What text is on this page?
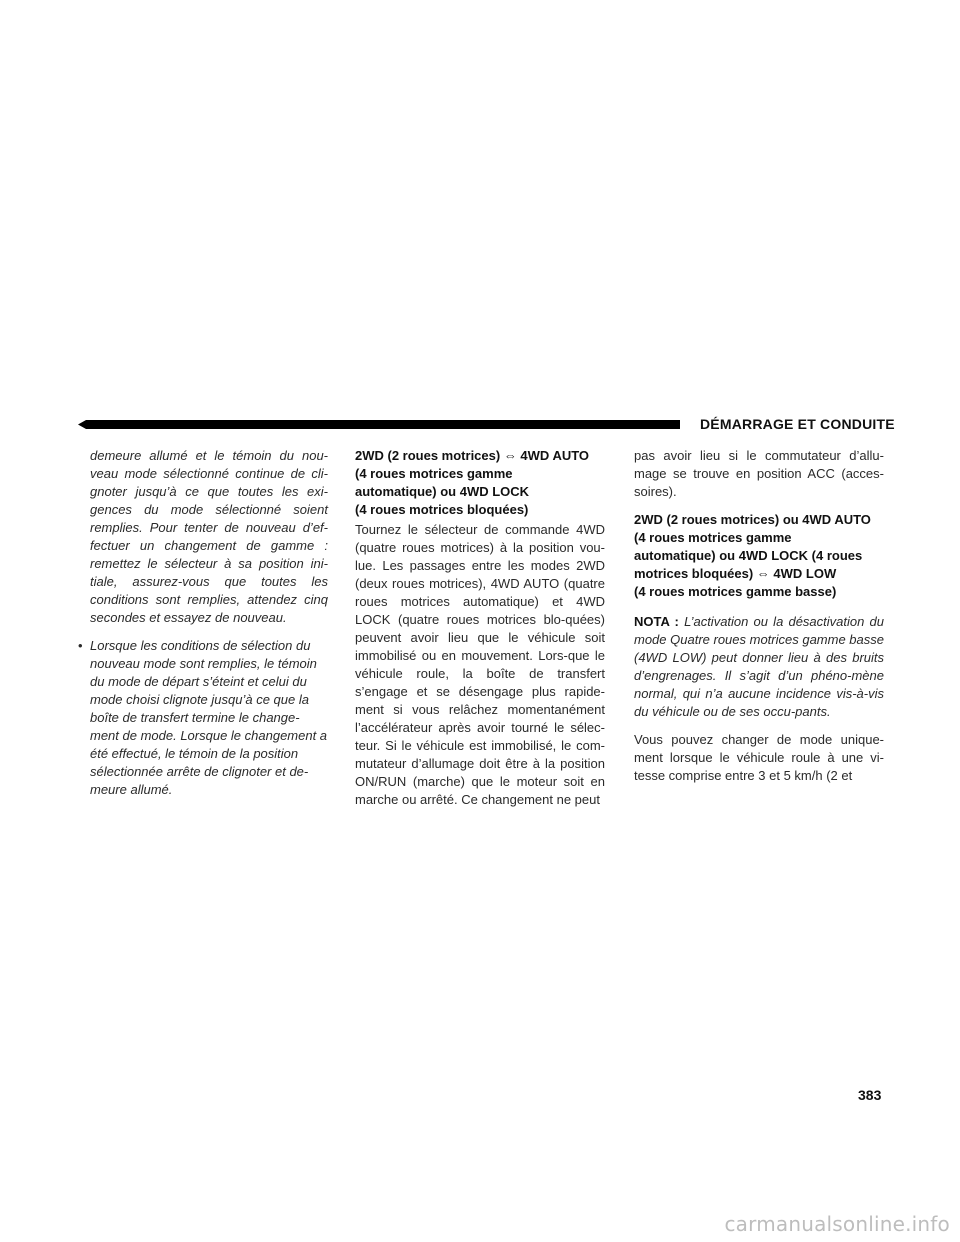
DÉMARRAGE ET CONDUITE

demeure allumé et le témoin du nou-veau mode sélectionné continue de cli-gnoter jusqu’à ce que toutes les exi-gences du mode sélectionné soient remplies. Pour tenter de nouveau d’ef-fectuer un changement de gamme : remettez le sélecteur à sa position ini-tiale, assurez-vous que toutes les conditions sont remplies, attendez cinq secondes et essayez de nouveau.

• Lorsque les conditions de sélection du nouveau mode sont remplies, le témoin du mode de départ s’éteint et celui du mode choisi clignote jusqu’à ce que la boîte de transfert termine le change-ment de mode. Lorsque le changement a été effectué, le témoin de la position sélectionnée arrête de clignoter et de-meure allumé.
2WD (2 roues motrices) ⇔ 4WD AUTO
(4 roues motrices gamme
automatique) ou 4WD LOCK
(4 roues motrices bloquées)

Tournez le sélecteur de commande 4WD (quatre roues motrices) à la position vou-lue. Les passages entre les modes 2WD (deux roues motrices), 4WD AUTO (quatre roues motrices automatique) et 4WD LOCK (quatre roues motrices blo-quées) peuvent avoir lieu que le véhicule soit immobilisé ou en mouvement. Lors-que le véhicule roule, la boîte de transfert s’engage et se désengage plus rapide-ment si vous relâchez momentanément l’accélérateur après avoir tourné le sélec-teur. Si le véhicule est immobilisé, le com-mutateur d’allumage doit être à la position ON/RUN (marche) que le moteur soit en marche ou arrêté. Ce changement ne peut

pas avoir lieu si le commutateur d’allu-mage se trouve en position ACC (acces-soires).

2WD (2 roues motrices) ou 4WD AUTO
(4 roues motrices gamme
automatique) ou 4WD LOCK (4 roues
motrices bloquées) ⇔ 4WD LOW
(4 roues motrices gamme basse)

NOTA : L’activation ou la désactivation du mode Quatre roues motrices gamme basse (4WD LOW) peut donner lieu à des bruits d’engrenages. Il s’agit d’un phéno-mène normal, qui n’a aucune incidence vis-à-vis du véhicule ou de ses occu-pants.

Vous pouvez changer de mode unique-ment lorsque le véhicule roule à une vi-tesse comprise entre 3 et 5 km/h (2 et

383
carmanualsonline.info
